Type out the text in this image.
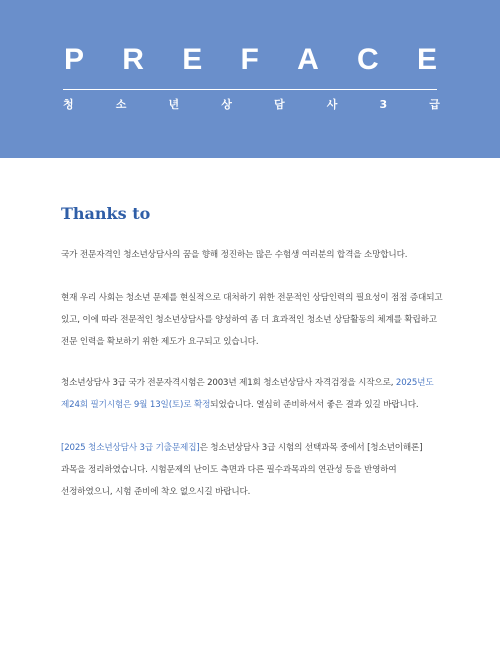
P R E F A C E
청	소	년	상	담	사	3	급
Thanks to

국가 전문자격인 청소년상담사의 꿈을 향해 정진하는 많은 수험생 여러분의 합격을 소망합니다.

현재 우리 사회는 청소년 문제를 현실적으로 대처하기 위한 전문적인 상담인력의 필요성이 점점 증대되고 있고, 이에 따라 전문적인 청소년상담사를 양성하여 좀 더 효과적인 청소년 상담활동의 체계를 확립하고 전문 인력을 확보하기 위한 제도가 요구되고 있습니다.

청소년상담사 3급 국가 전문자격시험은 2003년 제1회 청소년상담사 자격검정을 시작으로, 2025년도 제24회 필기시험은 9월 13일(토)로 확정되었습니다. 열심히 준비하셔서 좋은 결과 있길 바랍니다.

[2025 청소년상담사 3급 기출문제집]은 청소년상담사 3급 시험의 선택과목 중에서 [청소년이해론] 과목을 정리하였습니다. 시험문제의 난이도 측면과 다른 필수과목과의 연관성 등을 반영하여 선정하였으니, 시험 준비에 착오 없으시길 바랍니다.
